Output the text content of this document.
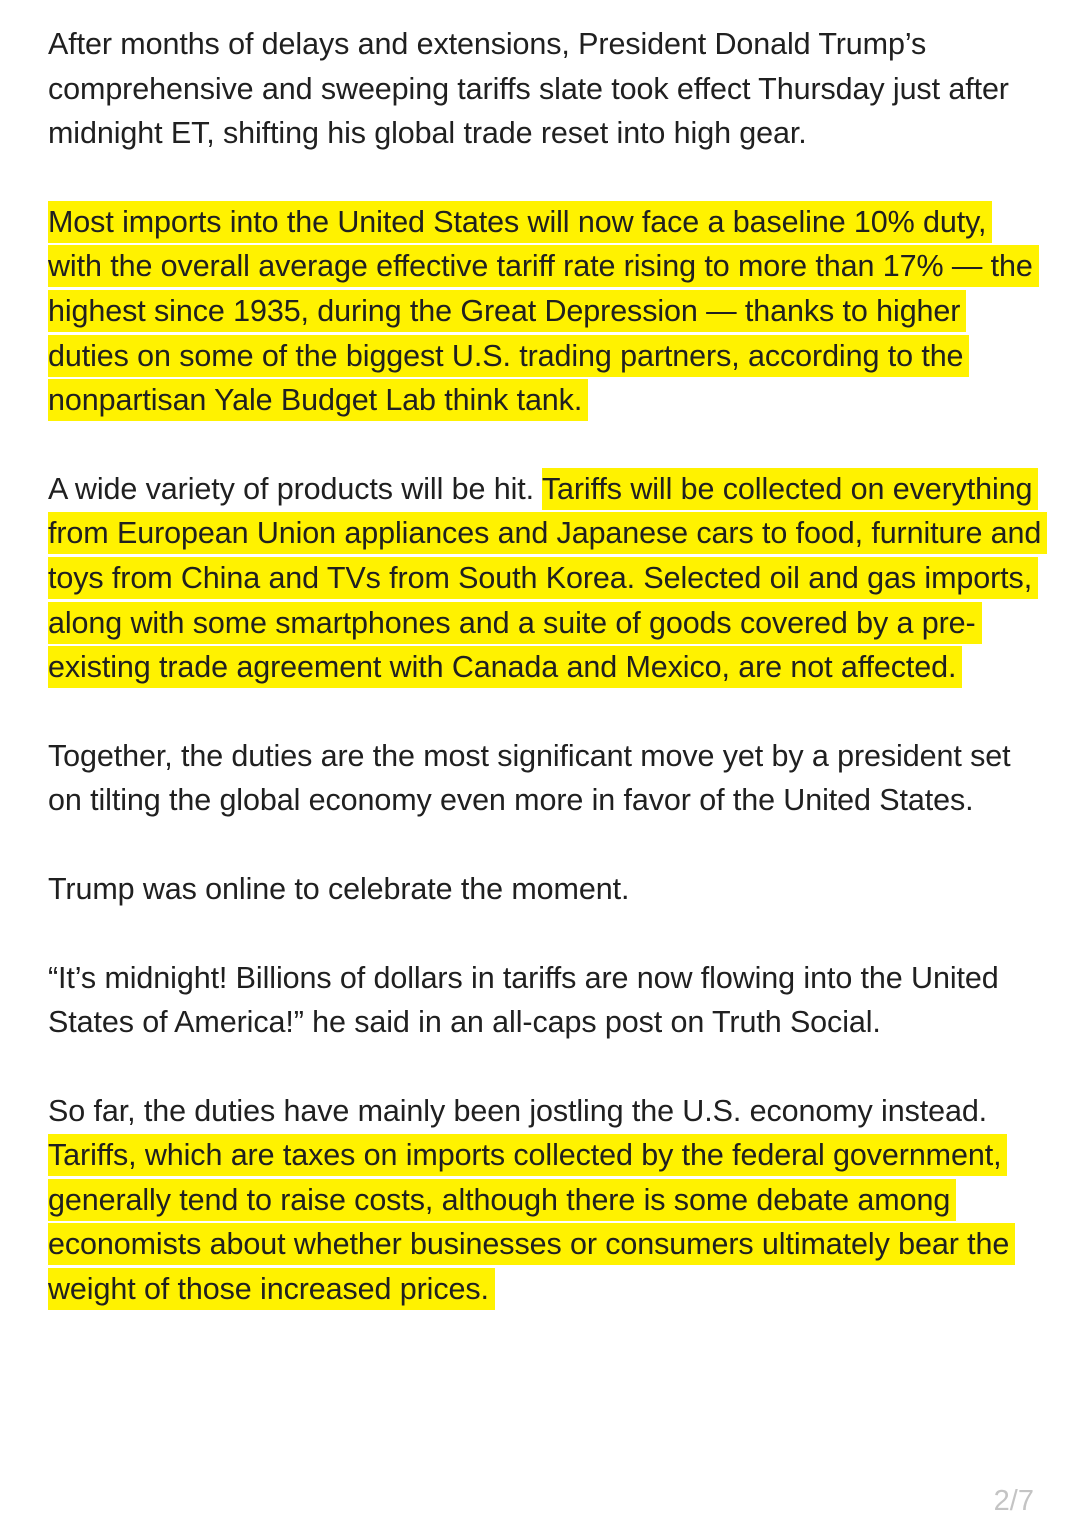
After months of delays and extensions, President Donald Trump’s comprehensive and sweeping tariffs slate took effect Thursday just after midnight ET, shifting his global trade reset into high gear.

Most imports into the United States will now face a baseline 10% duty, with the overall average effective tariff rate rising to more than 17% — the highest since 1935, during the Great Depression — thanks to higher duties on some of the biggest U.S. trading partners, according to the nonpartisan Yale Budget Lab think tank.

A wide variety of products will be hit. Tariffs will be collected on everything from European Union appliances and Japanese cars to food, furniture and toys from China and TVs from South Korea. Selected oil and gas imports, along with some smartphones and a suite of goods covered by a pre-existing trade agreement with Canada and Mexico, are not affected.

Together, the duties are the most significant move yet by a president set on tilting the global economy even more in favor of the United States.

Trump was online to celebrate the moment.

“It’s midnight! Billions of dollars in tariffs are now flowing into the United States of America!” he said in an all-caps post on Truth Social.

So far, the duties have mainly been jostling the U.S. economy instead. Tariffs, which are taxes on imports collected by the federal government, generally tend to raise costs, although there is some debate among economists about whether businesses or consumers ultimately bear the weight of those increased prices.

2/7
